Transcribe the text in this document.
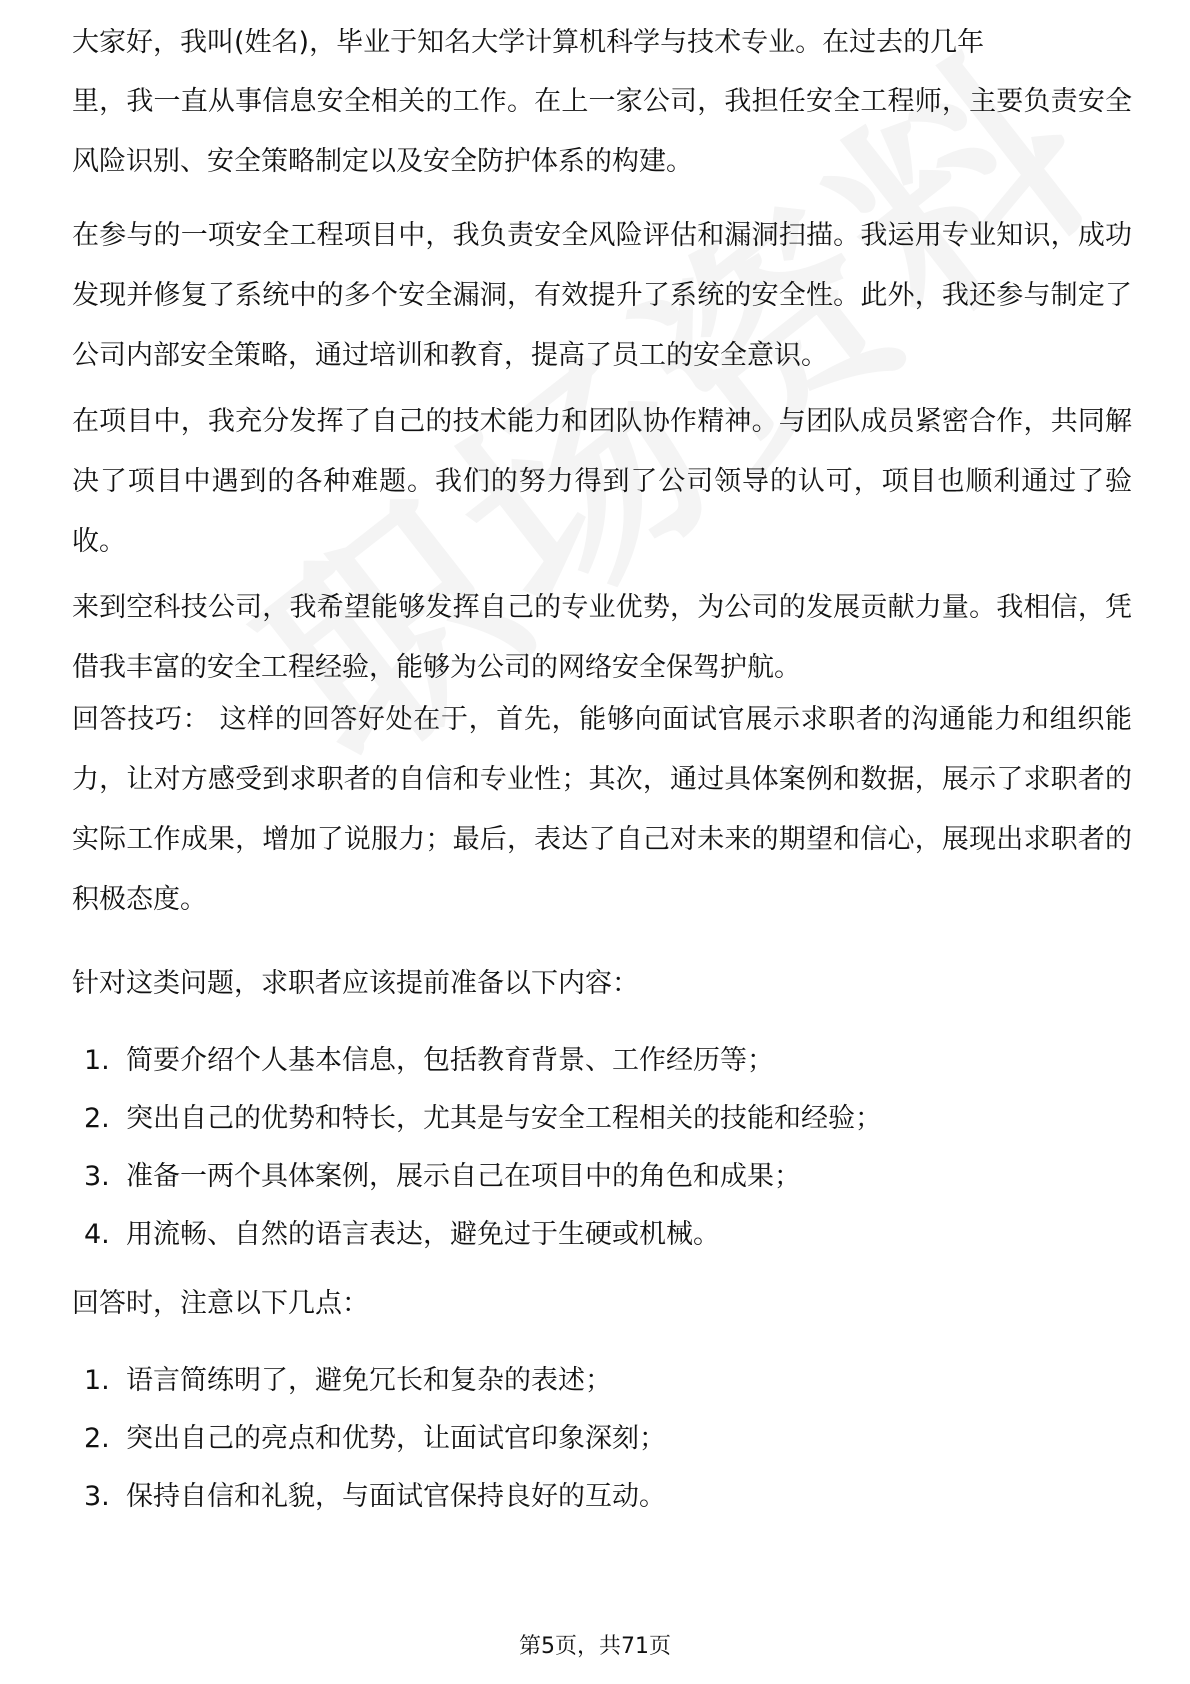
大家好，我叫(姓名)，毕业于知名大学计算机科学与技术专业。在过去的几年

里，我一直从事信息安全相关的工作。在上一家公司，我担任安全工程师，主要负责安全风险识别、安全策略制定以及安全防护体系的构建。

在参与的一项安全工程项目中，我负责安全风险评估和漏洞扫描。我运用专业知识，成功发现并修复了系统中的多个安全漏洞，有效提升了系统的安全性。此外，我还参与制定了公司内部安全策略，通过培训和教育，提高了员工的安全意识。

在项目中，我充分发挥了自己的技术能力和团队协作精神。与团队成员紧密合作，共同解决了项目中遇到的各种难题。我们的努力得到了公司领导的认可，项目也顺利通过了验收。

来到空科技公司，我希望能够发挥自己的专业优势，为公司的发展贡献力量。我相信，凭借我丰富的安全工程经验，能够为公司的网络安全保驾护航。

回答技巧： 这样的回答好处在于，首先，能够向面试官展示求职者的沟通能力和组织能力，让对方感受到求职者的自信和专业性；其次，通过具体案例和数据，展示了求职者的实际工作成果，增加了说服力；最后，表达了自己对未来的期望和信心，展现出求职者的积极态度。

针对这类问题，求职者应该提前准备以下内容：

1. 简要介绍个人基本信息，包括教育背景、工作经历等；
2. 突出自己的优势和特长，尤其是与安全工程相关的技能和经验；
3. 准备一两个具体案例，展示自己在项目中的角色和成果；
4. 用流畅、自然的语言表达，避免过于生硬或机械。

回答时，注意以下几点：

1. 语言简练明了，避免冗长和复杂的表述；
2. 突出自己的亮点和优势，让面试官印象深刻；
3. 保持自信和礼貌，与面试官保持良好的互动。
第5页，共71页
